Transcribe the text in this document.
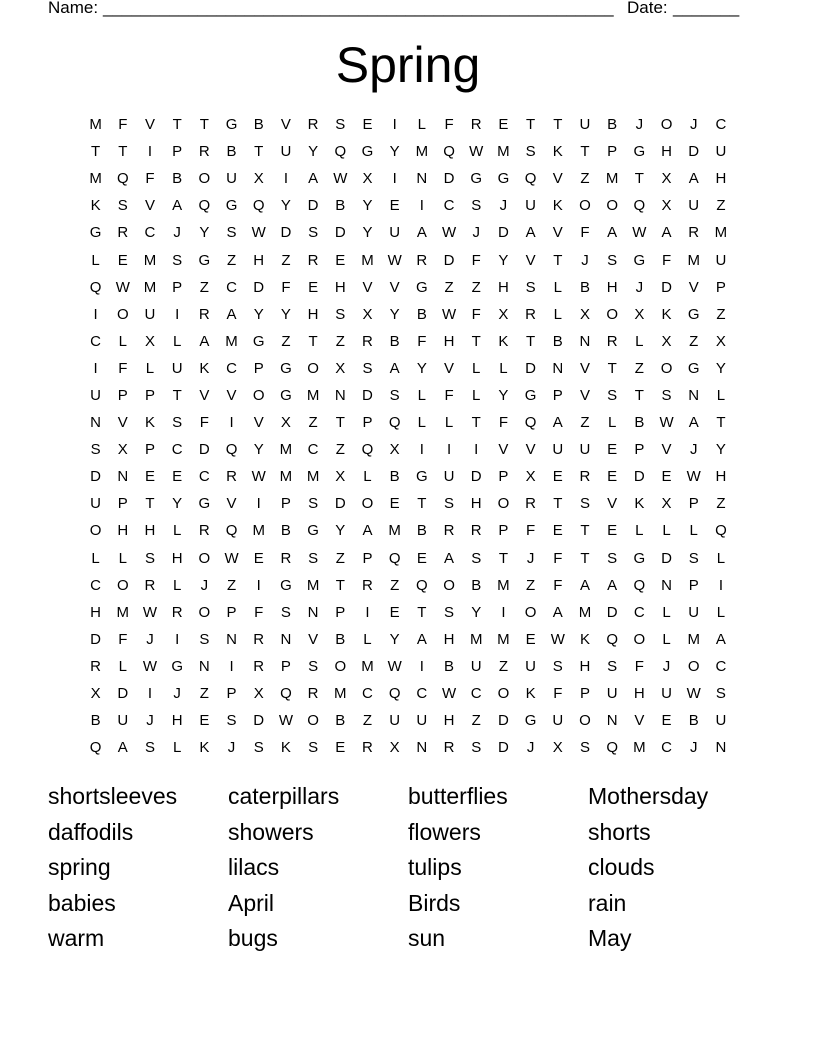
Name: ______________________________________________________ Date: _______
Spring
M	F	V	T	T	G	B	V	R	S	E	I	L	F	R	E	T	T	U	B	J	O	J	C
T	T	I	P	R	B	T	U	Y	Q	G	Y	M	Q W M	S	K	T	P	G	H	D	U
M	Q	F	B	O	U	X	I	A	W	X	I	N	D	G	G	Q	V	Z	M	T	X	A	H
K	S	V	A	Q	G	Q	Y	D	B	Y	E	I	C	S	J	U	K	O	O	Q	X	U	Z
G	R	C	J	Y	S	W D	S	D	Y	U	A	W	J	D	A	V	F	A	W	A	R	M
L	E	M	S	G	Z	H	Z	R	E	M W R	D	F	Y	V	T	J	S	G	F	M	U
Q W M	P	Z	C	D	F	E	H	V	V	G	Z	Z	H	S	L	B	H	J	D	V	P
I	O	U	I	R	A	Y	Y	H	S	X	Y	B	W	F	X	R	L	X	O	X	K	G	Z
C	L	X	L	A	M	G	Z	T	Z	R	B	F	H	T	K	T	B	N	R	L	X	Z	X
I	F	L	U	K	C	P	G	O	X	S	A	Y	V	L	L	D	N	V	T	Z	O	G	Y
U	P	P	T	V	V	O	G	M	N	D	S	L	F	L	Y	G	P	V	S	T	S	N	L
N	V	K	S	F	I	V	X	Z	T	P	Q	L	L	T	F	Q	A	Z	L	B	W	A	T
S	X	P	C	D	Q	Y	M	C	Z	Q	X	I	I	I	V	V	U	U	E	P	V	J	Y
D	N	E	E	C	R W M M	X	L	B	G	U	D	P	X	E	R	E	D	E	W H
U	P	T	Y	G	V	I	P	S	D	O	E	T	S	H	O	R	T	S	V	K	X	P	Z
O	H	H	L	R	Q	M	B	G	Y	A	M	B	R	R	P	F	E	T	E	L	L	L	Q
L	L	S	H	O W	E	R	S	Z	P	Q	E	A	S	T	J	F	T	S	G	D	S	L
C	O	R	L	J	Z	I	G	M	T	R	Z	Q	O	B	M	Z	F	A	A	Q	N	P	I
H	M W R	O	P	F	S	N	P	I	E	T	S	Y	I	O	A	M	D	C	L	U	L
D	F	J	I	S	N	R	N	V	B	L	Y	A	H	M M	E	W	K	Q	O	L	M	A
R	L	W G	N	I	R	P	S	O	M W	I	B	U	Z	U	S	H	S	F	J	O	C
X	D	I	J	Z	P	X	Q	R	M	C	Q	C W C	O	K	F	P	U	H	U W	S
B	U	J	H	E	S	D W O	B	Z	U	U	H	Z	D	G	U	O	N	V	E	B	U
Q	A	S	L	K	J	S	K	S	E	R	X	N	R	S	D	J	X	S	Q	M	C	J	N
shortsleeves	caterpillars	butterflies	Mothersday
daffodils	showers	flowers	shorts
spring	lilacs	tulips	clouds
babies	April	Birds	rain
warm	bugs	sun	May
